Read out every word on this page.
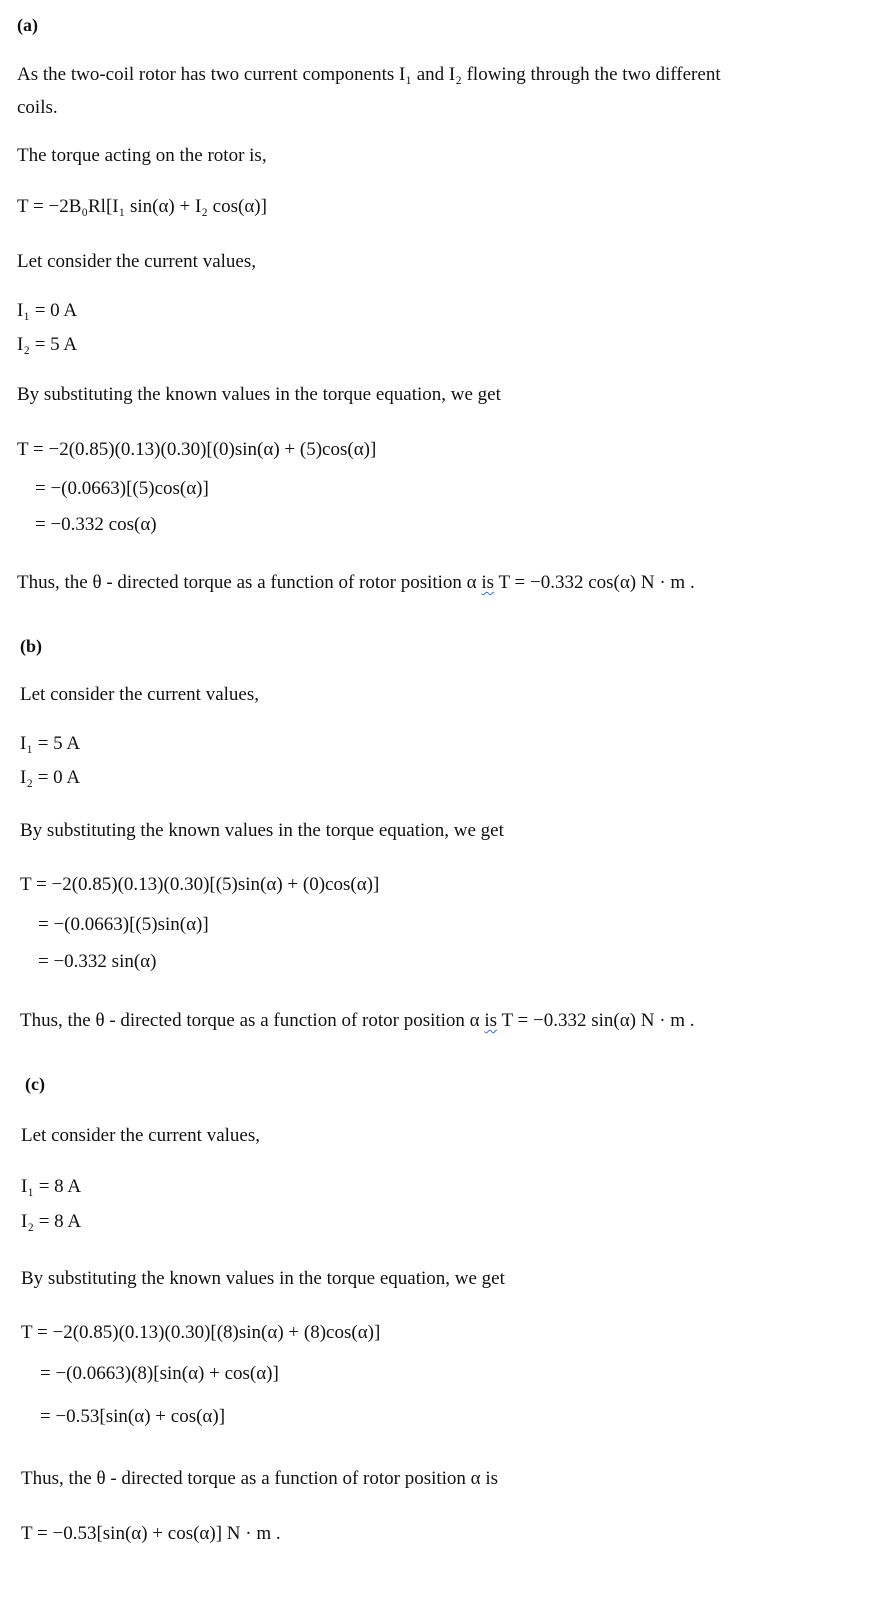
(a)
As the two-coil rotor has two current components I₁ and I₂ flowing through the two different
coils.
The torque acting on the rotor is,
T = −2B₀Rl[I₁ sin(α) + I₂ cos(α)]
Let consider the current values,
I₁ = 0 A
I₂ = 5 A
By substituting the known values in the torque equation, we get
T = −2(0.85)(0.13)(0.30)[(0)sin(α) + (5)cos(α)]
= −(0.0663)[(5)cos(α)]
= −0.332 cos(α)
Thus, the θ - directed torque as a function of rotor position α is T = −0.332 cos(α) N · m .
(b)
Let consider the current values,
I₁ = 5 A
I₂ = 0 A
By substituting the known values in the torque equation, we get
T = −2(0.85)(0.13)(0.30)[(5)sin(α) + (0)cos(α)]
= −(0.0663)[(5)sin(α)]
= −0.332 sin(α)
Thus, the θ - directed torque as a function of rotor position α is T = −0.332 sin(α) N · m .
(c)
Let consider the current values,
I₁ = 8 A
I₂ = 8 A
By substituting the known values in the torque equation, we get
T = −2(0.85)(0.13)(0.30)[(8)sin(α) + (8)cos(α)]
= −(0.0663)(8)[sin(α) + cos(α)]
= −0.53[sin(α) + cos(α)]
Thus, the θ - directed torque as a function of rotor position α is
T = −0.53[sin(α) + cos(α)] N · m .
